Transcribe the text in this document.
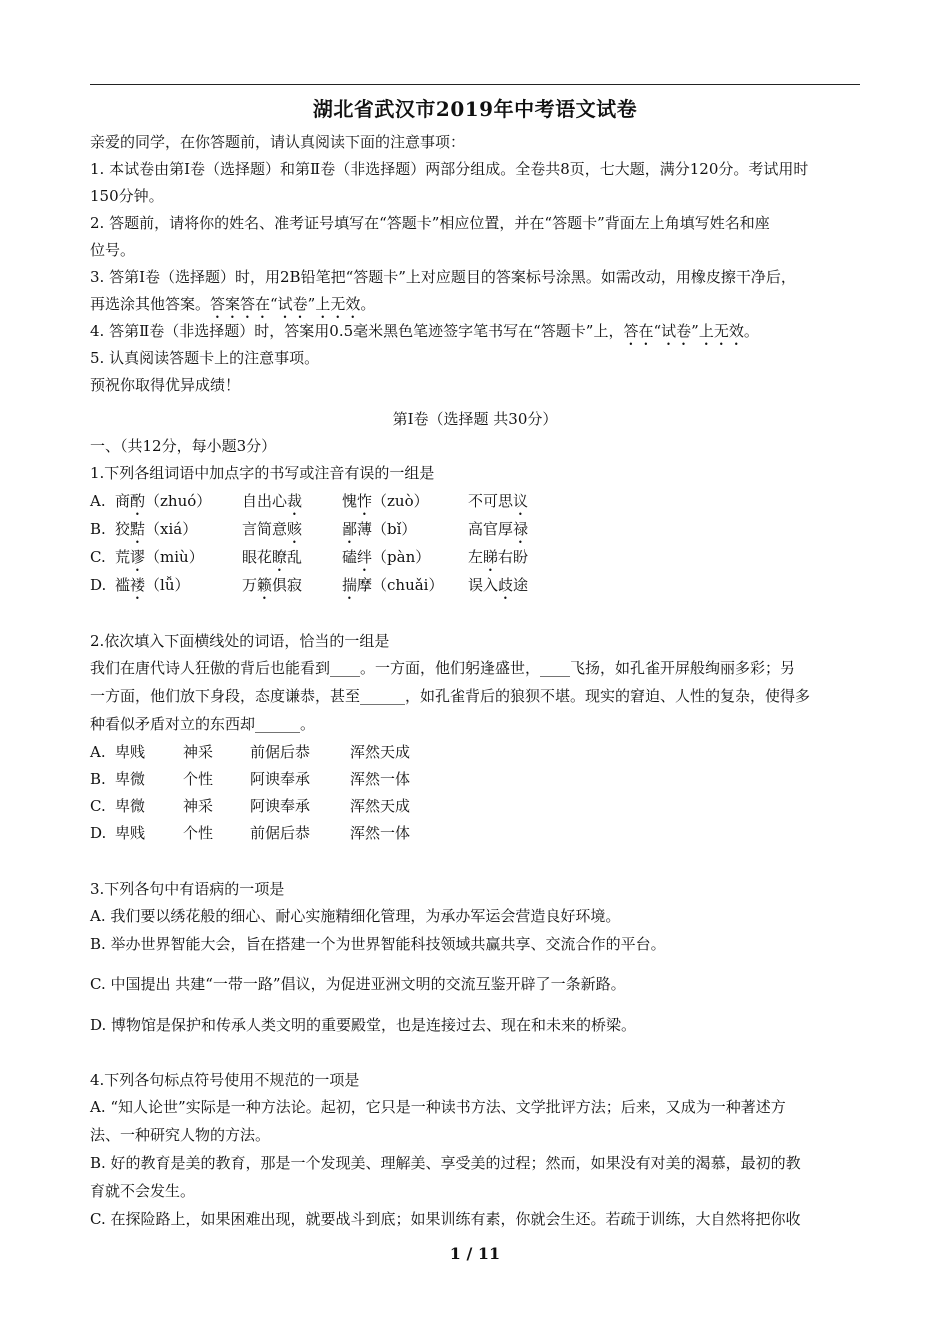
湖北省武汉市2019年中考语文试卷
亲爱的同学，在你答题前，请认真阅读下面的注意事项：
1. 本试卷由第Ⅰ卷（选择题）和第Ⅱ卷（非选择题）两部分组成。全卷共8页，七大题，满分120分。考试用时
150分钟。
2. 答题前，请将你的姓名、准考证号填写在“答题卡”相应位置，并在“答题卡”背面左上角填写姓名和座
位号。
3. 答第Ⅰ卷（选择题）时，用2B铅笔把“答题卡”上对应题目的答案标号涂黑。如需改动，用橡皮擦干净后，
再选涂其他答案。答案答在“试卷”上无效。
4. 答第Ⅱ卷（非选择题）时，答案用0.5毫米黑色笔迹签字笔书写在“答题卡”上，答在“试卷”上无效。
5. 认真阅读答题卡上的注意事项。
预祝你取得优异成绩！
第Ⅰ卷（选择题 共30分）
一、（共12分，每小题3分）
1.下列各组词语中加点字的书写或注音有误的一组是
A. 商酌（zhuó） 自出心裁	愧怍（zuò）	不可思议
B. 狡黠（xiá）	言简意赅	鄙薄（bǐ）	高官厚禄
C. 荒谬（miù）	眼花瞭乱	磕绊（pàn）	左睇右盼
D. 褴褛（lǚ）	万籁俱寂	揣摩（chuǎi） 误入歧途
2.依次填入下面横线处的词语，恰当的一组是
我们在唐代诗人狂傲的背后也能看到____。一方面，他们躬逢盛世，____飞扬，如孔雀开屏般绚丽多彩；另
一方面，他们放下身段，态度谦恭，甚至______，如孔雀背后的狼狈不堪。现实的窘迫、人性的复杂，使得多
种看似矛盾对立的东西却______。
A. 卑贱	神采 前倨后恭	浑然天成
B. 卑微	个性 阿谀奉承	浑然一体
C. 卑微	神采 阿谀奉承	浑然天成
D. 卑贱	个性 前倨后恭	浑然一体
3.下列各句中有语病的一项是
A. 我们要以绣花般的细心、耐心实施精细化管理，为承办军运会营造良好环境。
B. 举办世界智能大会，旨在搭建一个为世界智能科技领域共赢共享、交流合作的平台。
C. 中国提出 共建“一带一路”倡议，为促进亚洲文明的交流互鉴开辟了一条新路。
D. 博物馆是保护和传承人类文明的重要殿堂，也是连接过去、现在和未来的桥梁。
4.下列各句标点符号使用不规范的一项是
A. “知人论世”实际是一种方法论。起初，它只是一种读书方法、文学批评方法；后来，又成为一种著述方
法、一种研究人物的方法。
B. 好的教育是美的教育，那是一个发现美、理解美、享受美的过程；然而，如果没有对美的渴慕，最初的教
育就不会发生。
C. 在探险路上，如果困难出现，就要战斗到底；如果训练有素，你就会生还。若疏于训练，大自然将把你收
1 / 11
